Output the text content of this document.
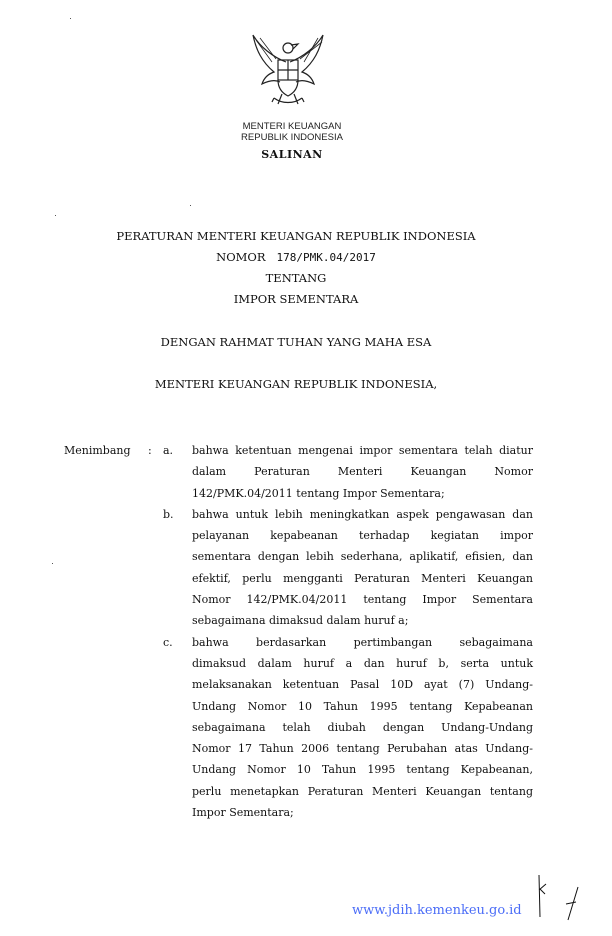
MENTERI KEUANGAN
REPUBLIK INDONESIA
SALINAN
PERATURAN MENTERI KEUANGAN REPUBLIK INDONESIA
NOMOR 178/PMK.04/2017
TENTANG
IMPOR SEMENTARA
DENGAN RAHMAT TUHAN YANG MAHA ESA
MENTERI KEUANGAN REPUBLIK INDONESIA,
Menimbang : a. bahwa ketentuan mengenai impor sementara telah diatur
dalam Peraturan Menteri Keuangan Nomor
142/PMK.04/2011 tentang Impor Sementara;
b. bahwa untuk lebih meningkatkan aspek pengawasan dan
pelayanan kepabeanan terhadap kegiatan impor
sementara dengan lebih sederhana, aplikatif, efisien, dan
efektif, perlu mengganti Peraturan Menteri Keuangan
Nomor 142/PMK.04/2011 tentang Impor Sementara
sebagaimana dimaksud dalam huruf a;
c. bahwa berdasarkan pertimbangan sebagaimana
dimaksud dalam huruf a dan huruf b, serta untuk
melaksanakan ketentuan Pasal 10D ayat (7) Undang-
Undang Nomor 10 Tahun 1995 tentang Kepabeanan
sebagaimana telah diubah dengan Undang-Undang
Nomor 17 Tahun 2006 tentang Perubahan atas Undang-
Undang Nomor 10 Tahun 1995 tentang Kepabeanan,
perlu menetapkan Peraturan Menteri Keuangan tentang
Impor Sementara;
www.jdih.kemenkeu.go.id
